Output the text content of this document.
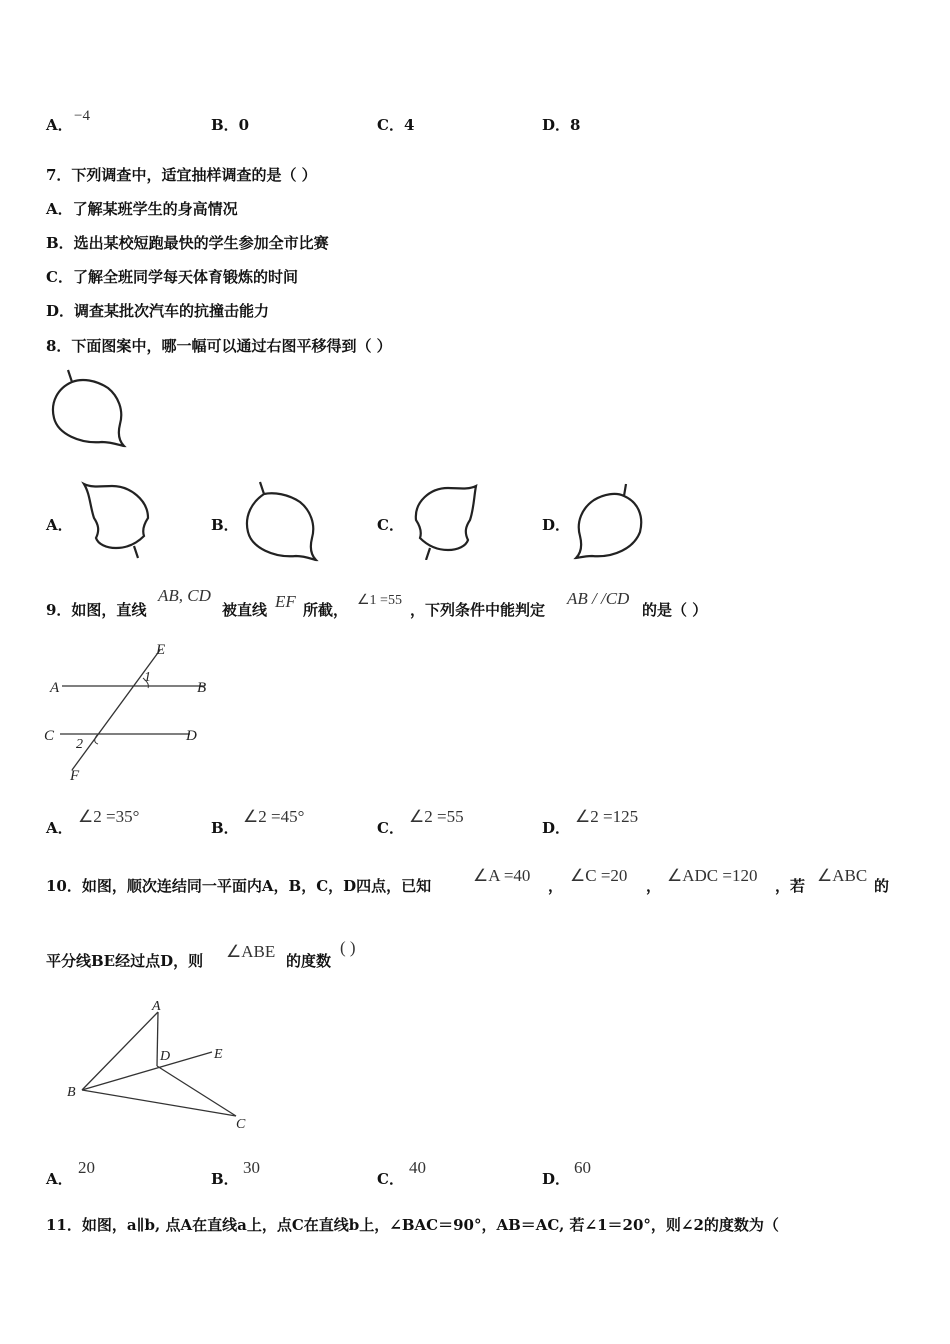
A． −4	B．0	C．4	D．8
7．下列调查中，适宜抽样调查的是（ ）
A．了解某班学生的身高情况
B．选出某校短跑最快的学生参加全市比赛
C．了解全班同学每天体育锻炼的时间
D．调查某批次汽车的抗撞击能力
8．下面图案中，哪一幅可以通过右图平移得到（ ）
A．	B．	C．	D．
9．如图，直线
AB, CD
被直线 EF 所截，
∠1 =55
，下列条件中能判定
AB / /CD
的是（ ）
A	B
C	D
E
F
1
2
A．
∠2 =35°
B．
∠2 =45°
C．
∠2 =55
D．
∠2 =125
10．如图，顺次连结同一平面内A，B，C，D四点，已知
∠A =40
，
∠C =20
，
∠ADC =120
，若
∠ABC
的
平分线BE经过点D，则 ∠ABE 的度数
( )
A
B
C
D	E
A．
20
B．
30
C．
40
D．
60
11．如图，a∥b, 点A在直线a上，点C在直线b上，∠BAC＝90°，AB＝AC, 若∠1＝20°，则∠2的度数为（
